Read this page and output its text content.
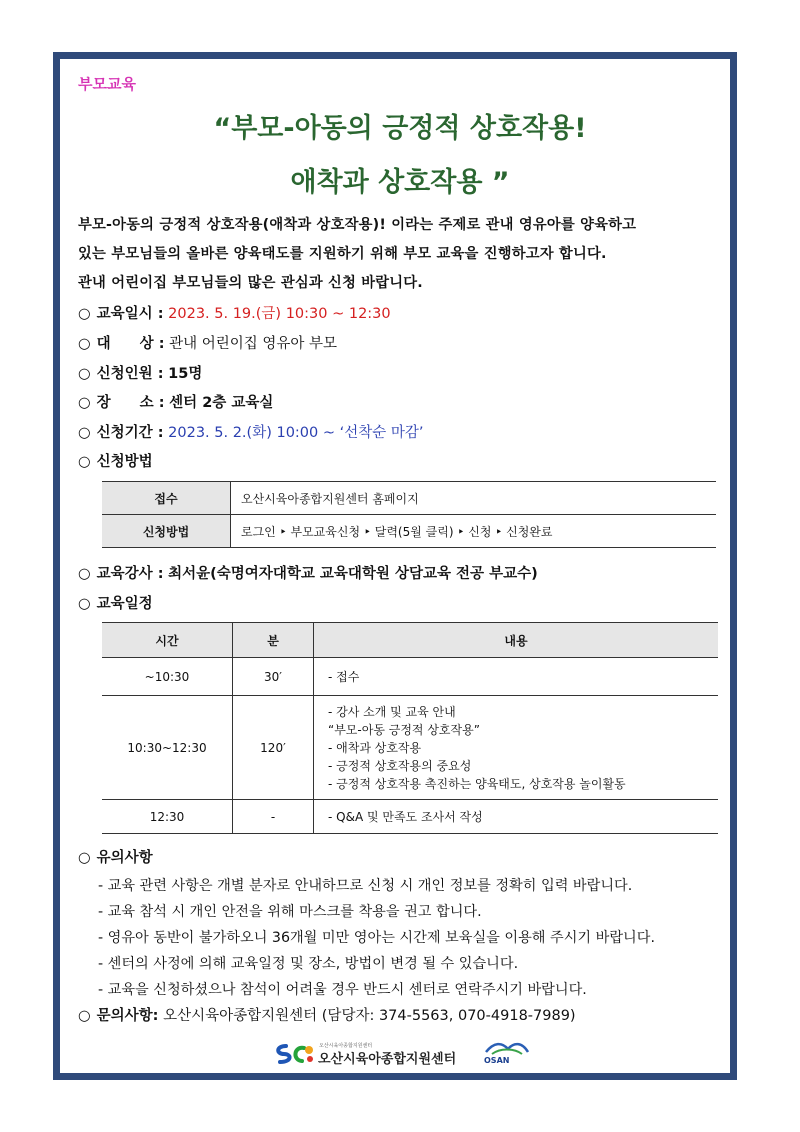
부모교육
“부모-아동의 긍정적 상호작용!
애착과 상호작용 ”
부모-아동의 긍정적 상호작용(애착과 상호작용)! 이라는 주제로 관내 영유아를 양육하고
있는 부모님들의 올바른 양육태도를 지원하기 위해 부모 교육을 진행하고자 합니다.
관내 어린이집 부모님들의 많은 관심과 신청 바랍니다.
○ 교육일시 : 2023. 5. 19.(금) 10:30 ~ 12:30
○ 대　　상 : 관내 어린이집 영유아 부모
○ 신청인원 : 15명
○ 장　　소 : 센터 2층 교육실
○ 신청기간 : 2023. 5. 2.(화) 10:00 ~ ‘선착순 마감’
○ 신청방법
접수	오산시육아종합지원센터 홈페이지
신청방법	로그인 ‣ 부모교육신청 ‣ 달력(5월 클릭) ‣ 신청 ‣ 신청완료
○ 교육강사 : 최서윤(숙명여자대학교 교육대학원 상담교육 전공 부교수)
○ 교육일정
시간	분	내용
~10:30	30′	- 접수

10:30~12:30	120′	- 강사 소개 및 교육 안내
“부모-아동 긍정적 상호작용”
- 애착과 상호작용
- 긍정적 상호작용의 중요성
- 긍정적 상호작용 촉진하는 양육태도, 상호작용 놀이활동

12:30	-	- Q&A 및 만족도 조사서 작성
○ 유의사항
- 교육 관련 사항은 개별 분자로 안내하므로 신청 시 개인 정보를 정확히 입력 바랍니다.
- 교육 참석 시 개인 안전을 위해 마스크를 착용을 권고 합니다.
- 영유아 동반이 불가하오니 36개월 미만 영아는 시간제 보육실을 이용해 주시기 바랍니다.
- 센터의 사정에 의해 교육일정 및 장소, 방법이 변경 될 수 있습니다.
- 교육을 신청하셨으나 참석이 어려울 경우 반드시 센터로 연락주시기 바랍니다.
○ 문의사항: 오산시육아종합지원센터 (담당자: 374-5563, 070-4918-7989)
오산시육아종합지원센터
오산시육아종합지원센터	OSAN
